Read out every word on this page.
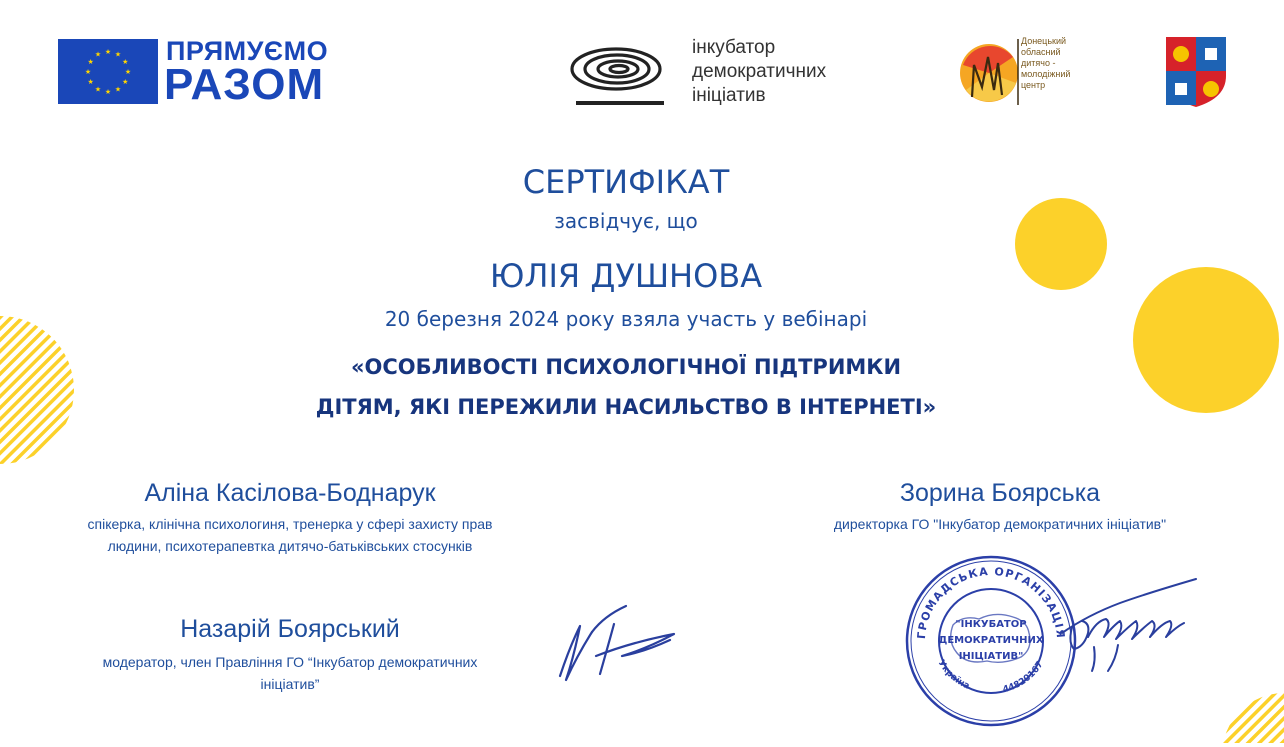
★ ★
★
★
★
★
★
★
★
★
★
★ ПРЯМУЄМО
РАЗОМ
інкубатор
демократичних
ініціатив
Донецький
обласний
дитячо -
молодіжний
центр
СЕРТИФІКАТ
засвідчує, що
ЮЛІЯ ДУШНОВА
20 березня 2024 року взяла участь у вебінарі
«ОСОБЛИВОСТІ ПСИХОЛОГІЧНОЇ ПІДТРИМКИ
ДІТЯМ, ЯКІ ПЕРЕЖИЛИ НАСИЛЬСТВО В ІНТЕРНЕТІ»
Аліна Касілова-Боднарук
спікерка, клінічна психологиня, тренерка у сфері захисту прав людини, психотерапевтка дитячо-батьківських стосунків
Назарій Боярський
модератор, член Правління ГО “Інкубатор демократичних ініціатив”
Зорина Боярська
директорка ГО "Інкубатор демократичних ініціатив"
ГРОМАДСЬКА ОРГАНІЗАЦІЯ
Україна	44820167
"ІНКУБАТОР
ДЕМОКРАТИЧНИХ
ІНІЦІАТИВ"
